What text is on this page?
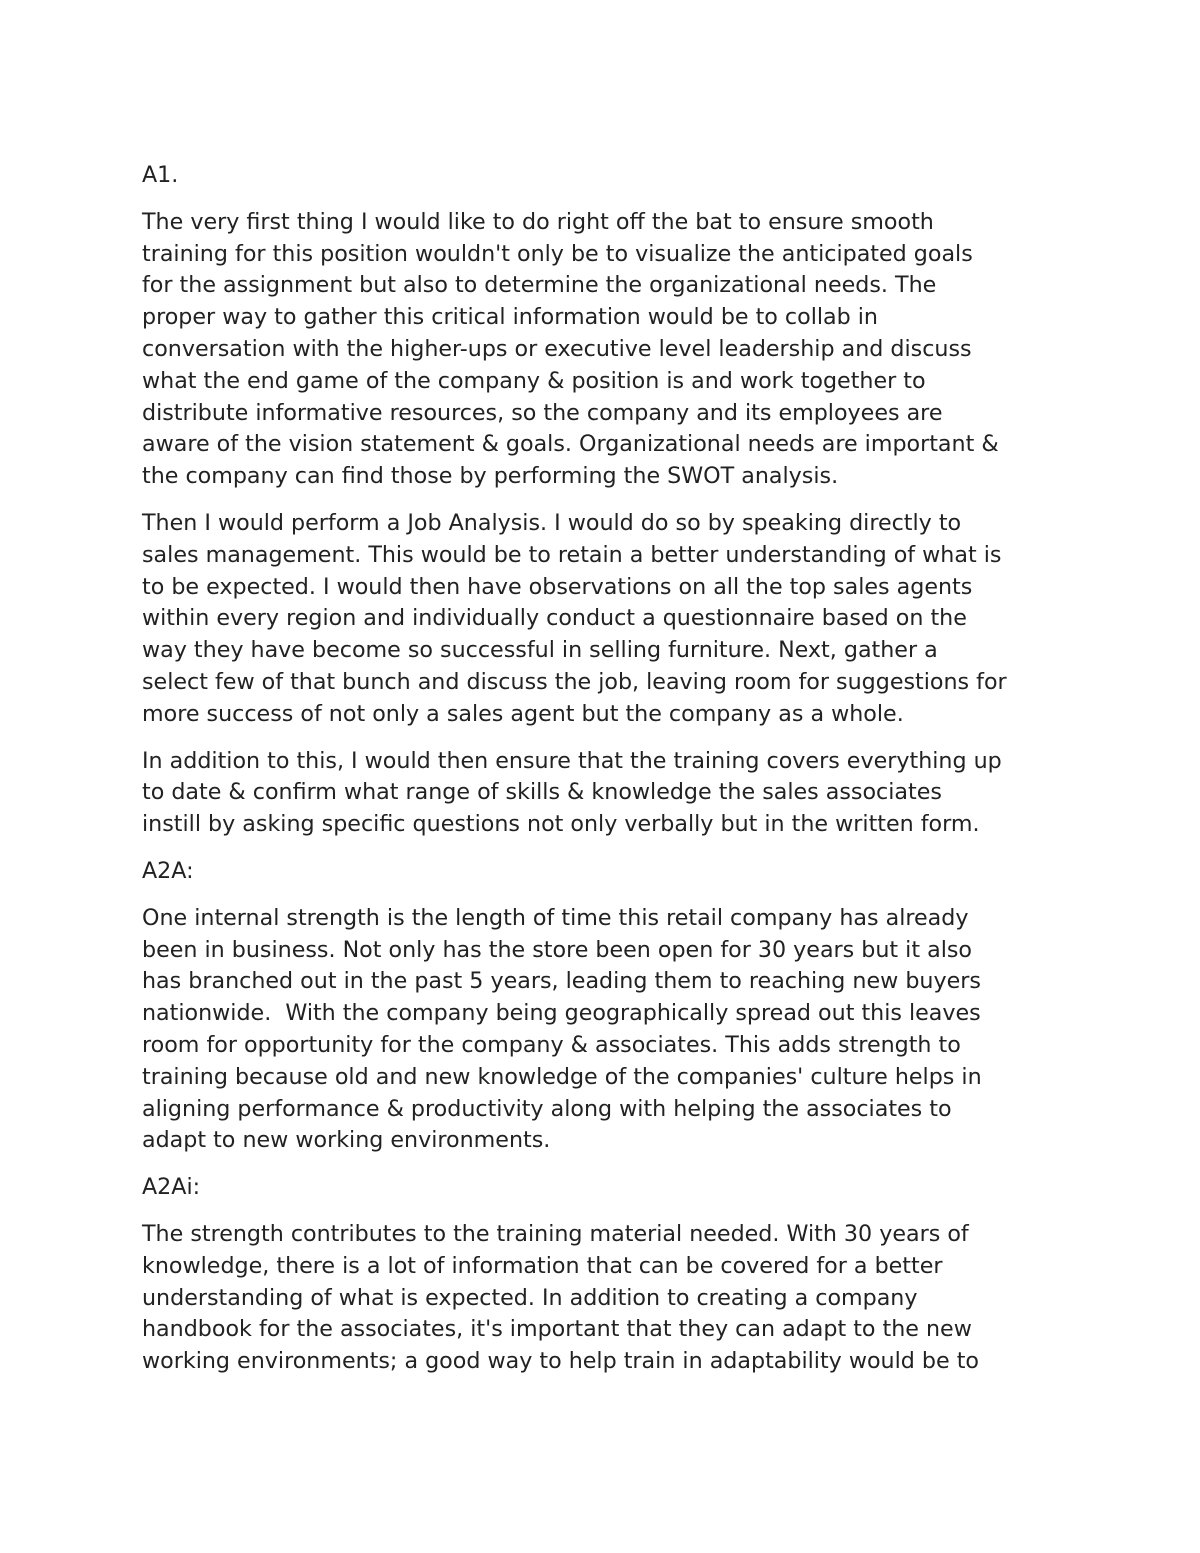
A1.
The very first thing I would like to do right off the bat to ensure smooth
training for this position wouldn't only be to visualize the anticipated goals
for the assignment but also to determine the organizational needs. The
proper way to gather this critical information would be to collab in
conversation with the higher-ups or executive level leadership and discuss
what the end game of the company & position is and work together to
distribute informative resources, so the company and its employees are
aware of the vision statement & goals. Organizational needs are important &
the company can find those by performing the SWOT analysis.
Then I would perform a Job Analysis. I would do so by speaking directly to
sales management. This would be to retain a better understanding of what is
to be expected. I would then have observations on all the top sales agents
within every region and individually conduct a questionnaire based on the
way they have become so successful in selling furniture. Next, gather a
select few of that bunch and discuss the job, leaving room for suggestions for
more success of not only a sales agent but the company as a whole.
In addition to this, I would then ensure that the training covers everything up
to date & confirm what range of skills & knowledge the sales associates
instill by asking specific questions not only verbally but in the written form.
A2A:
One internal strength is the length of time this retail company has already
been in business. Not only has the store been open for 30 years but it also
has branched out in the past 5 years, leading them to reaching new buyers
nationwide.  With the company being geographically spread out this leaves
room for opportunity for the company & associates. This adds strength to
training because old and new knowledge of the companies' culture helps in
aligning performance & productivity along with helping the associates to
adapt to new working environments.
A2Ai:
The strength contributes to the training material needed. With 30 years of
knowledge, there is a lot of information that can be covered for a better
understanding of what is expected. In addition to creating a company
handbook for the associates, it's important that they can adapt to the new
working environments; a good way to help train in adaptability would be to
